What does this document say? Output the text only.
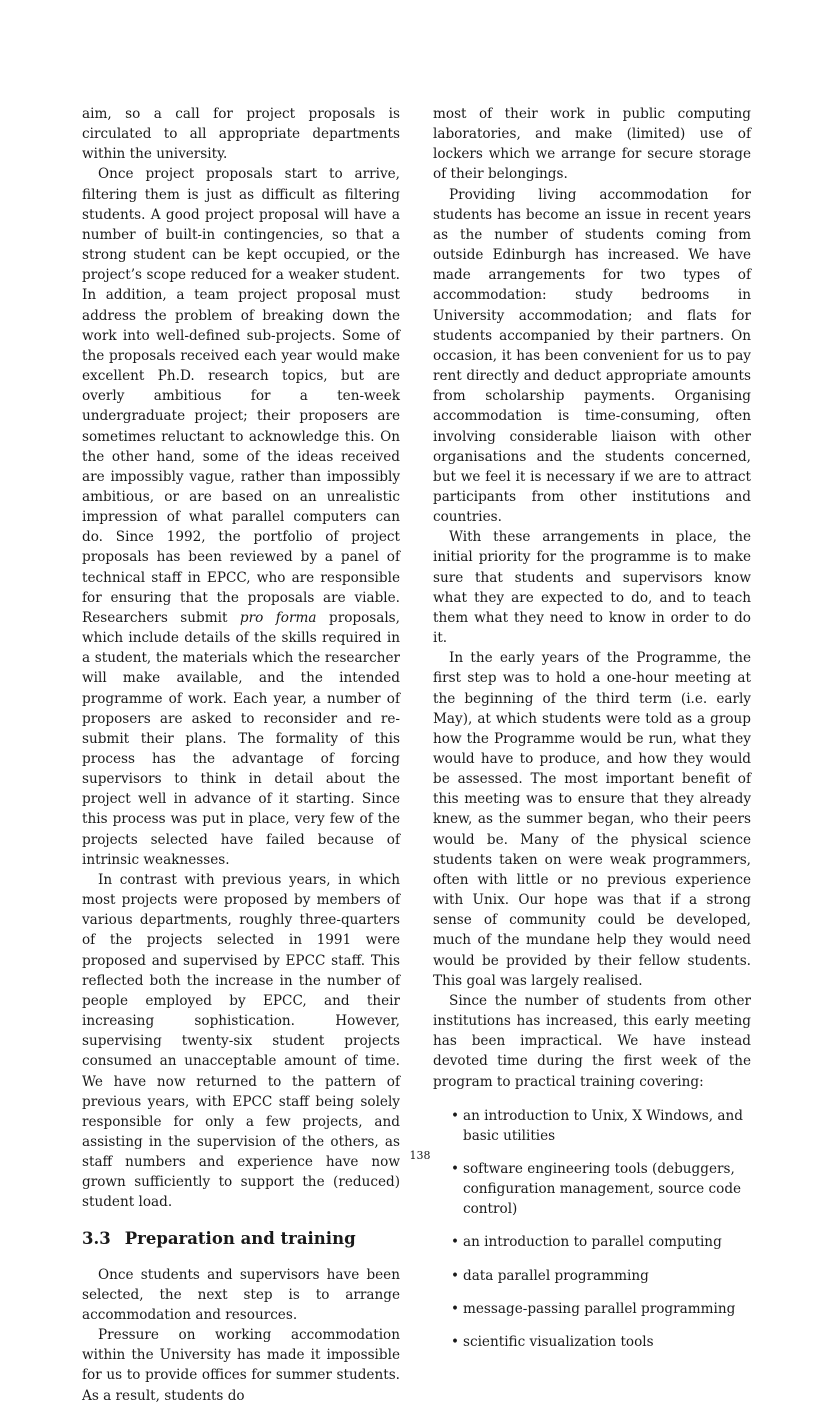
aim, so a call for project proposals is circulated to all appropriate departments within the university.

Once project proposals start to arrive, filtering them is just as difficult as filtering students. A good project proposal will have a number of built-in contingencies, so that a strong student can be kept occupied, or the project’s scope reduced for a weaker student. In addition, a team project proposal must address the problem of breaking down the work into well-defined sub-projects. Some of the proposals received each year would make excellent Ph.D. research topics, but are overly ambitious for a ten-week undergraduate project; their proposers are sometimes reluctant to acknowledge this. On the other hand, some of the ideas received are impossibly vague, rather than impossibly ambitious, or are based on an unrealistic impression of what parallel computers can do. Since 1992, the portfolio of project proposals has been reviewed by a panel of technical staff in EPCC, who are responsible for ensuring that the proposals are viable. Researchers submit pro forma proposals, which include details of the skills required in a student, the materials which the researcher will make available, and the intended programme of work. Each year, a number of proposers are asked to reconsider and re-submit their plans. The formality of this process has the advantage of forcing supervisors to think in detail about the project well in advance of it starting. Since this process was put in place, very few of the projects selected have failed because of intrinsic weaknesses.

In contrast with previous years, in which most projects were proposed by members of various departments, roughly three-quarters of the projects selected in 1991 were proposed and supervised by EPCC staff. This reflected both the increase in the number of people employed by EPCC, and their increasing sophistication. However, supervising twenty-six student projects consumed an unacceptable amount of time. We have now returned to the pattern of previous years, with EPCC staff being solely responsible for only a few projects, and assisting in the supervision of the others, as staff numbers and experience have now grown sufficiently to support the (reduced) student load.

3.3 Preparation and training

Once students and supervisors have been selected, the next step is to arrange accommodation and resources.

Pressure on working accommodation within the University has made it impossible for us to provide offices for summer students. As a result, students do

most of their work in public computing laboratories, and make (limited) use of lockers which we arrange for secure storage of their belongings.

Providing living accommodation for students has become an issue in recent years as the number of students coming from outside Edinburgh has increased. We have made arrangements for two types of accommodation: study bedrooms in University accommodation; and flats for students accompanied by their partners. On occasion, it has been convenient for us to pay rent directly and deduct appropriate amounts from scholarship payments. Organising accommodation is time-consuming, often involving considerable liaison with other organisations and the students concerned, but we feel it is necessary if we are to attract participants from other institutions and countries.

With these arrangements in place, the initial priority for the programme is to make sure that students and supervisors know what they are expected to do, and to teach them what they need to know in order to do it.

In the early years of the Programme, the first step was to hold a one-hour meeting at the beginning of the third term (i.e. early May), at which students were told as a group how the Programme would be run, what they would have to produce, and how they would be assessed. The most important benefit of this meeting was to ensure that they already knew, as the summer began, who their peers would be. Many of the physical science students taken on were weak programmers, often with little or no previous experience with Unix. Our hope was that if a strong sense of community could be developed, much of the mundane help they would need would be provided by their fellow students. This goal was largely realised.

Since the number of students from other institutions has increased, this early meeting has been impractical. We have instead devoted time during the first week of the program to practical training covering:

• an introduction to Unix, X Windows, and basic utilities
• software engineering tools (debuggers, configuration management, source code control)
• an introduction to parallel computing
• data parallel programming
• message-passing parallel programming
• scientific visualization tools
138
